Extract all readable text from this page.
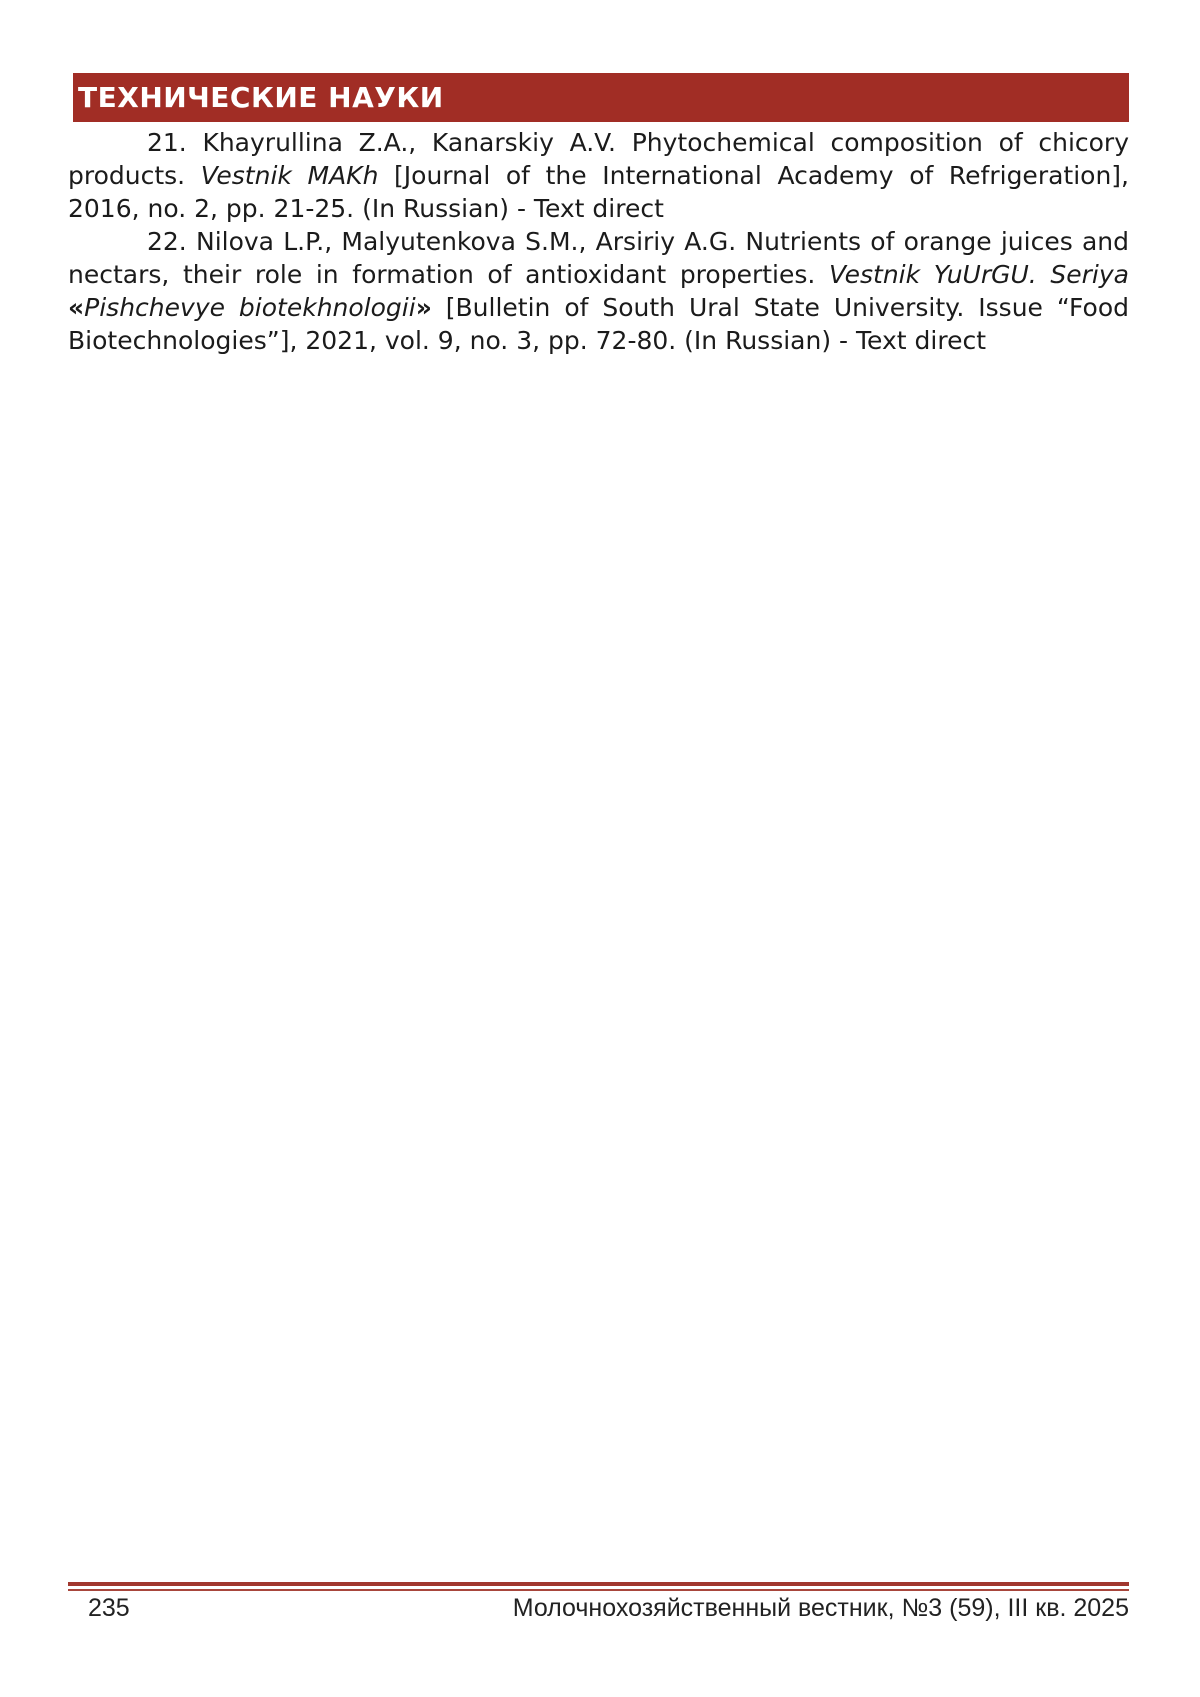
ТЕХНИЧЕСКИЕ НАУКИ

21. Khayrullina Z.A., Kanarskiy A.V. Phytochemical composition of chicory products. Vestnik MAKh [Journal of the International Academy of Refrigeration], 2016, no. 2, pp. 21-25. (In Russian) - Text direct

22. Nilova L.P., Malyutenkova S.M., Arsiriy A.G. Nutrients of orange juices and nectars, their role in formation of antioxidant properties. Vestnik YuUrGU. Seriya «Pishchevye biotekhnologii» [Bulletin of South Ural State University. Issue “Food Biotechnologies”], 2021, vol. 9, no. 3, pp. 72-80. (In Russian) - Text direct

235	Молочнохозяйственный вестник, №3 (59), III кв. 2025
